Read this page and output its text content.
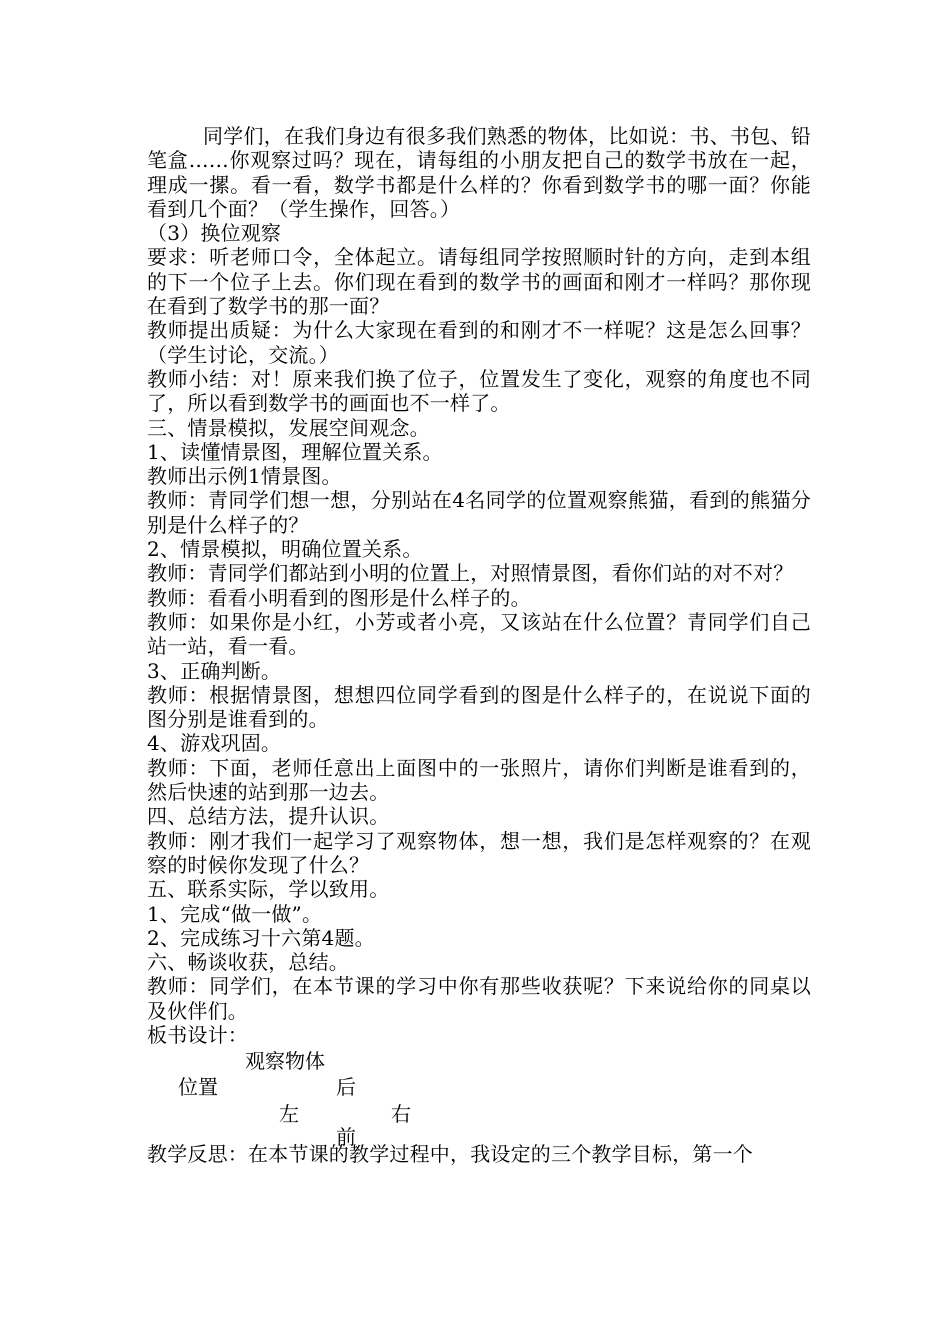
同学们，在我们身边有很多我们熟悉的物体，比如说：书、书包、铅笔盒……你观察过吗？现在，请每组的小朋友把自己的数学书放在一起，理成一摞。看一看，数学书都是什么样的？你看到数学书的哪一面？你能看到几个面？（学生操作，回答。）

（3）换位观察

要求：听老师口令，全体起立。请每组同学按照顺时针的方向，走到本组的下一个位子上去。你们现在看到的数学书的画面和刚才一样吗？那你现在看到了数学书的那一面？

教师提出质疑：为什么大家现在看到的和刚才不一样呢？这是怎么回事？（学生讨论，交流。）

教师小结：对！原来我们换了位子，位置发生了变化，观察的角度也不同了，所以看到数学书的画面也不一样了。

三、情景模拟，发展空间观念。

1、读懂情景图，理解位置关系。

教师出示例1情景图。

教师：青同学们想一想，分别站在4名同学的位置观察熊猫，看到的熊猫分别是什么样子的？

2、情景模拟，明确位置关系。

教师：青同学们都站到小明的位置上，对照情景图，看你们站的对不对？

教师：看看小明看到的图形是什么样子的。

教师：如果你是小红，小芳或者小亮，又该站在什么位置？青同学们自己站一站，看一看。

3、正确判断。

教师：根据情景图，想想四位同学看到的图是什么样子的，在说说下面的图分别是谁看到的。

4、游戏巩固。

教师：下面，老师任意出上面图中的一张照片，请你们判断是谁看到的，然后快速的站到那一边去。

四、总结方法，提升认识。

教师：刚才我们一起学习了观察物体，想一想，我们是怎样观察的？在观察的时候你发现了什么？

五、联系实际，学以致用。

1、完成“做一做”。

2、完成练习十六第4题。

六、畅谈收获，总结。

教师：同学们，在本节课的学习中你有那些收获呢？下来说给你的同桌以及伙伴们。

板书设计：

观察物体
位置	后
左	右
前

教学反思：在本节课的教学过程中，我设定的三个教学目标，第一个
